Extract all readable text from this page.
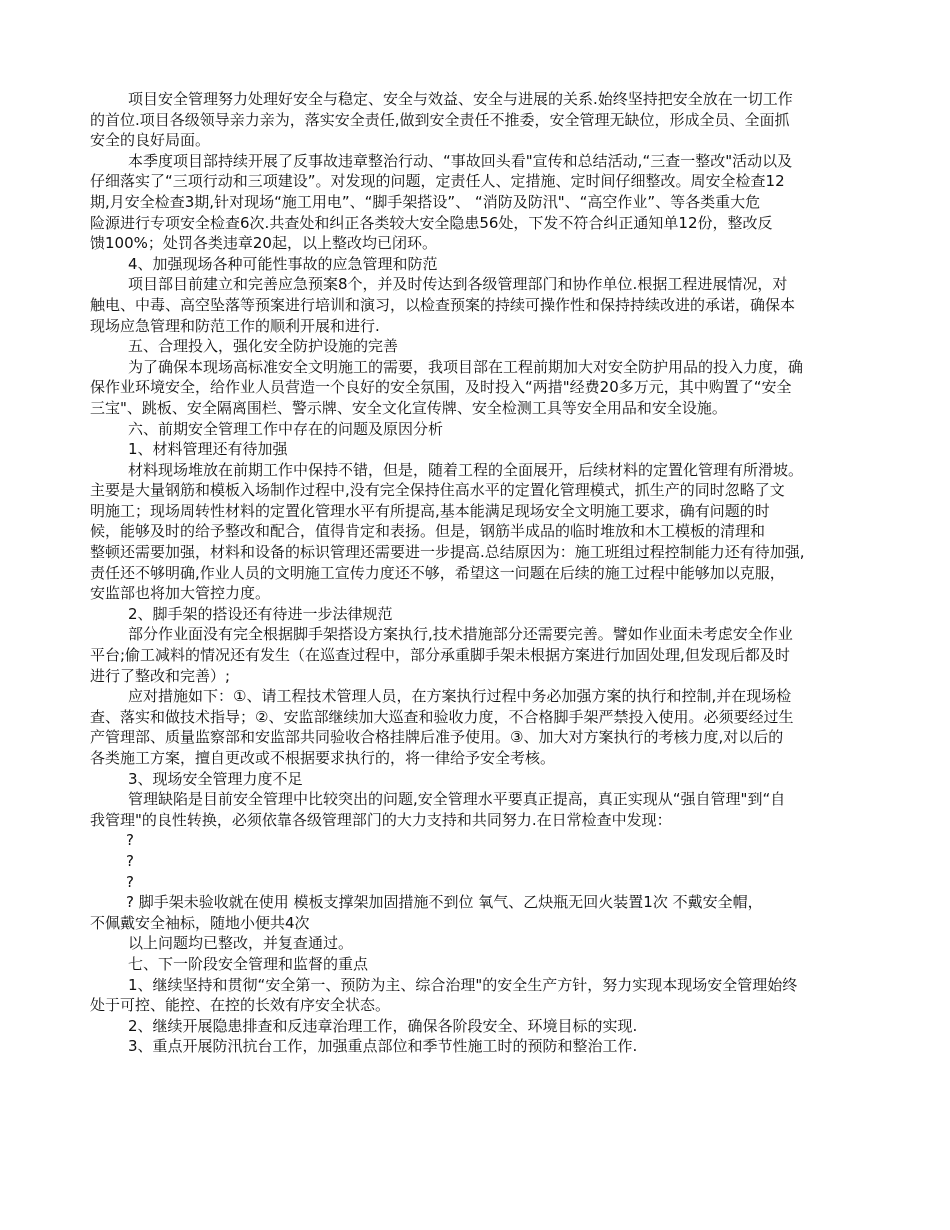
项目安全管理努力处理好安全与稳定、安全与效益、安全与进展的关系.始终坚持把安全放在一切工作
的首位.项目各级领导亲力亲为，落实安全责任,做到安全责任不推委，安全管理无缺位，形成全员、全面抓
安全的良好局面。
本季度项目部持续开展了反事故违章整治行动、“事故回头看"宣传和总结活动,“三查一整改"活动以及
仔细落实了“三项行动和三项建设”。对发现的问题，定责任人、定措施、定时间仔细整改。周安全检查12
期,月安全检查3期,针对现场“施工用电”、“脚手架搭设”、 “消防及防汛"、“高空作业”、等各类重大危
险源进行专项安全检查6次.共查处和纠正各类较大安全隐患56处，下发不符合纠正通知单12份，整改反
馈100%；处罚各类违章20起，以上整改均已闭环。
4、加强现场各种可能性事故的应急管理和防范
项目部目前建立和完善应急预案8个，并及时传达到各级管理部门和协作单位.根据工程进展情况，对
触电、中毒、高空坠落等预案进行培训和演习，以检查预案的持续可操作性和保持持续改进的承诺，确保本
现场应急管理和防范工作的顺利开展和进行.
五、合理投入，强化安全防护设施的完善
为了确保本现场高标准安全文明施工的需要，我项目部在工程前期加大对安全防护用品的投入力度，确
保作业环境安全，给作业人员营造一个良好的安全氛围，及时投入“两措"经费20多万元，其中购置了“安全
三宝"、跳板、安全隔离围栏、警示牌、安全文化宣传牌、安全检测工具等安全用品和安全设施。
六、前期安全管理工作中存在的问题及原因分析
1、材料管理还有待加强
材料现场堆放在前期工作中保持不错，但是，随着工程的全面展开，后续材料的定置化管理有所滑坡。
主要是大量钢筋和模板入场制作过程中,没有完全保持住高水平的定置化管理模式，抓生产的同时忽略了文
明施工；现场周转性材料的定置化管理水平有所提高,基本能满足现场安全文明施工要求，确有问题的时
候，能够及时的给予整改和配合，值得肯定和表扬。但是，钢筋半成品的临时堆放和木工模板的清理和
整顿还需要加强，材料和设备的标识管理还需要进一步提高.总结原因为：施工班组过程控制能力还有待加强,
责任还不够明确,作业人员的文明施工宣传力度还不够，希望这一问题在后续的施工过程中能够加以克服，
安监部也将加大管控力度。
2、脚手架的搭设还有待进一步法律规范
部分作业面没有完全根据脚手架搭设方案执行,技术措施部分还需要完善。譬如作业面未考虑安全作业
平台;偷工减料的情况还有发生（在巡查过程中，部分承重脚手架未根据方案进行加固处理,但发现后都及时
进行了整改和完善）;
应对措施如下：①、请工程技术管理人员，在方案执行过程中务必加强方案的执行和控制,并在现场检
查、落实和做技术指导；②、安监部继续加大巡查和验收力度，不合格脚手架严禁投入使用。必须要经过生
产管理部、质量监察部和安监部共同验收合格挂牌后准予使用。③、加大对方案执行的考核力度,对以后的
各类施工方案，擅自更改或不根据要求执行的，将一律给予安全考核。
3、现场安全管理力度不足
管理缺陷是目前安全管理中比较突出的问题,安全管理水平要真正提高，真正实现从“强自管理"到“自
我管理"的良性转换，必须依靠各级管理部门的大力支持和共同努力.在日常检查中发现：
?
?
?
? 脚手架未验收就在使用 模板支撑架加固措施不到位 氧气、乙炔瓶无回火装置1次 不戴安全帽，
不佩戴安全袖标，随地小便共4次
以上问题均已整改，并复查通过。
七、下一阶段安全管理和监督的重点
1、继续坚持和贯彻“安全第一、预防为主、综合治理"的安全生产方针，努力实现本现场安全管理始终
处于可控、能控、在控的长效有序安全状态。
2、继续开展隐患排查和反违章治理工作，确保各阶段安全、环境目标的实现.
3、重点开展防汛抗台工作，加强重点部位和季节性施工时的预防和整治工作.
